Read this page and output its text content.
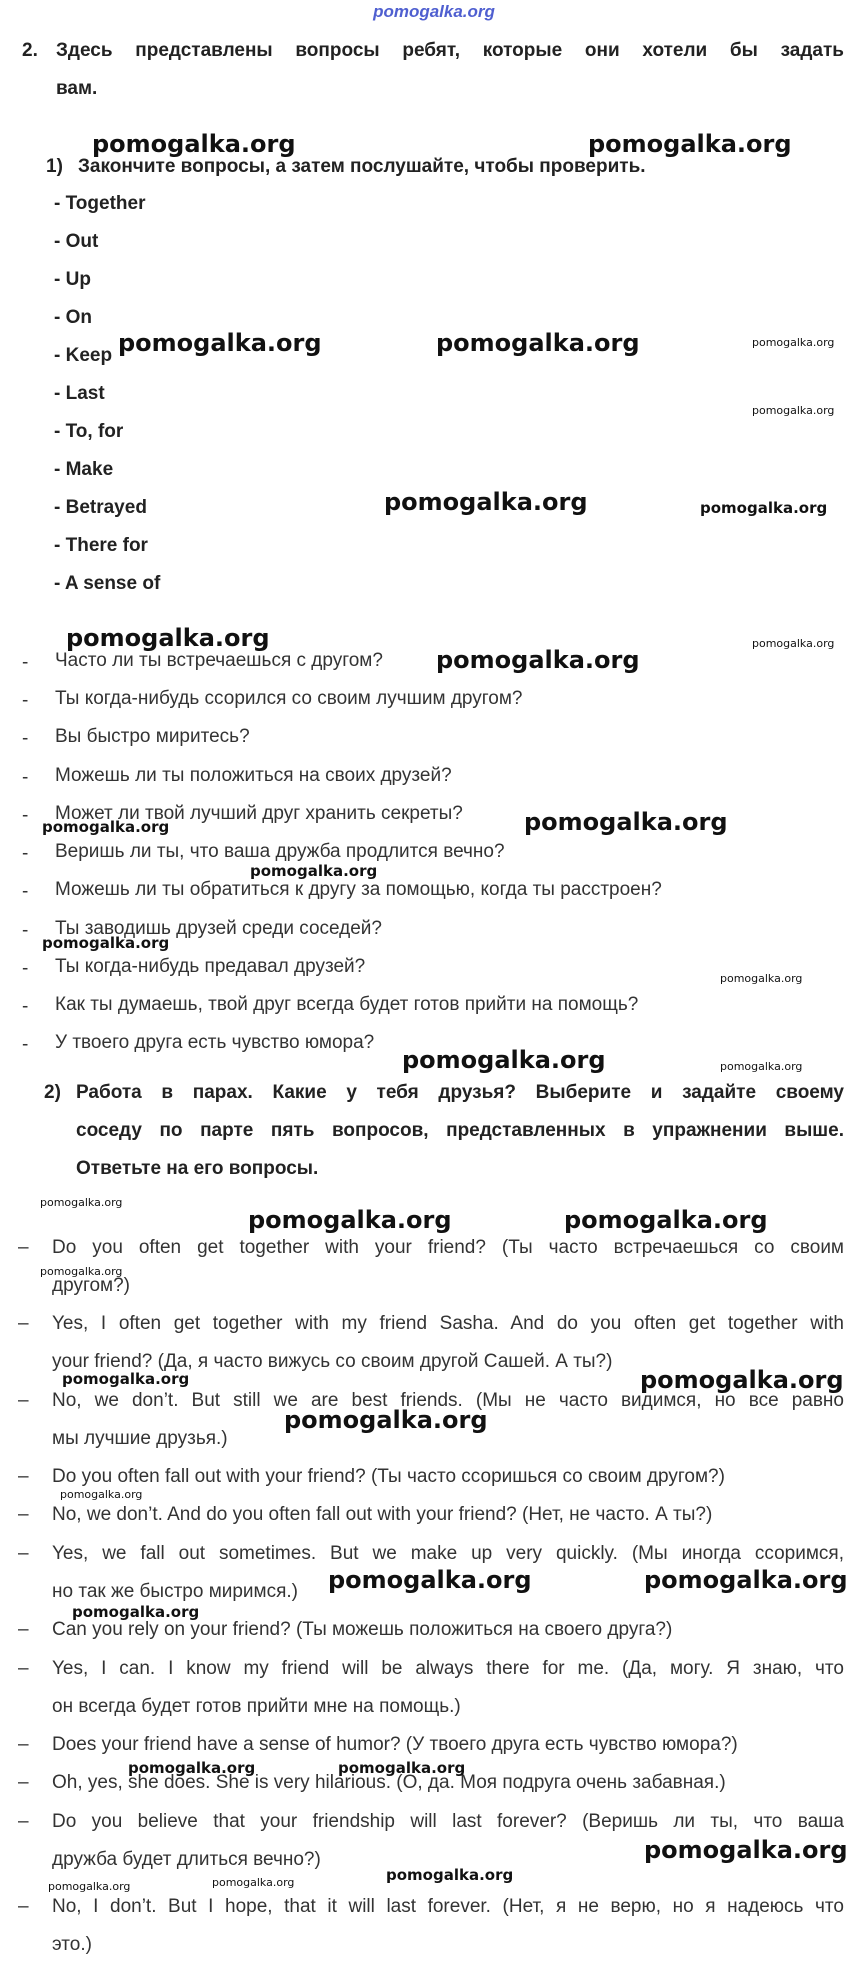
pomogalka.org
2. Здесь представлены вопросы ребят, которые они хотели бы задать
вам.
1) Закончите вопросы, а затем послушайте, чтобы проверить.
- Together
- Out
- Up
- On
- Keep
- Last
- To, for
- Make
- Betrayed
- There for
- A sense of
- Часто ли ты встречаешься с другом?
- Ты когда-нибудь ссорился со своим лучшим другом?
- Вы быстро миритесь?
- Можешь ли ты положиться на своих друзей?
- Может ли твой лучший друг хранить секреты?
- Веришь ли ты, что ваша дружба продлится вечно?
- Можешь ли ты обратиться к другу за помощью, когда ты расстроен?
- Ты заводишь друзей среди соседей?
- Ты когда-нибудь предавал друзей?
- Как ты думаешь, твой друг всегда будет готов прийти на помощь?
- У твоего друга есть чувство юмора?
2) Работа в парах. Какие у тебя друзья? Выберите и задайте своему
соседу по парте пять вопросов, представленных в упражнении выше.
Ответьте на его вопросы.
– Do you often get together with your friend? (Ты часто встречаешься со своим
другом?)
– Yes, I often get together with my friend Sasha. And do you often get together with
your friend? (Да, я часто вижусь со своим другой Сашей. А ты?)
– No, we don’t. But still we are best friends. (Мы не часто видимся, но все равно
мы лучшие друзья.)
– Do you often fall out with your friend? (Ты часто ссоришься со своим другом?)
– No, we don’t. And do you often fall out with your friend? (Нет, не часто. А ты?)
– Yes, we fall out sometimes. But we make up very quickly. (Мы иногда ссоримся,
но так же быстро миримся.)
– Can you rely on your friend? (Ты можешь положиться на своего друга?)
– Yes, I can. I know my friend will be always there for me. (Да, могу. Я знаю, что
он всегда будет готов прийти мне на помощь.)
– Does your friend have a sense of humor? (У твоего друга есть чувство юмора?)
– Oh, yes, she does. She is very hilarious. (О, да. Моя подруга очень забавная.)
– Do you believe that your friendship will last forever? (Веришь ли ты, что ваша
дружба будет длиться вечно?)
– No, I don’t. But I hope, that it will last forever. (Нет, я не верю, но я надеюсь что
это.)
pomogalka.org	pomogalka.org
pomogalka.org	pomogalka.org	pomogalka.org
pomogalka.org
pomogalka.org	pomogalka.org
pomogalka.org	pomogalka.org
pomogalka.org
pomogalka.org
pomogalka.org
pomogalka.org
pomogalka.org
pomogalka.org
pomogalka.org	pomogalka.org
pomogalka.org
pomogalka.org	pomogalka.org
pomogalka.org
pomogalka.org	pomogalka.org
pomogalka.org
pomogalka.org
pomogalka.org	pomogalka.org
pomogalka.org
pomogalka.org	pomogalka.org
pomogalka.org
pomogalka.org
pomogalka.org	pomogalka.org
